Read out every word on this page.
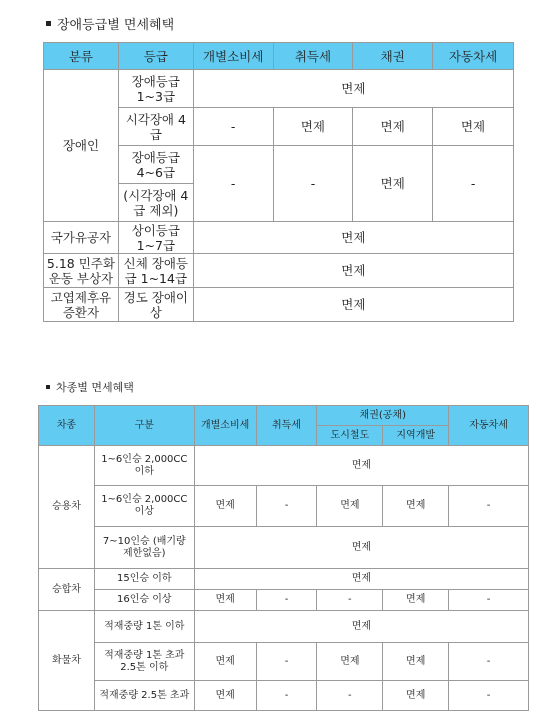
장애등급별 면세혜택
분류	등급	개별소비세	취득세	채권	자동차세
장애인	장애등급 1~3급	면제			
	시각장애 4급	-	면제	면제	면제
	장애등급 4~6급	-	-	면제	-
	(시각장애 4급 제외)				
국가유공자	상이등급 1~7급	면제			
5.18 민주화운동 부상자	신체 장애등급 1~14급	면제			
고엽제후유증환자	경도 장애이상	면제			
차종별 면세혜택
차종	구분	개별소비세	취득세	채권(공채)		자동차세
				도시철도	지역개발	
승용차	1~6인승 2,000CC 이하	면제				
	1~6인승 2,000CC 이상	면제	-	면제	면제	-
	7~10인승 (배기량 제한없음)	면제				
승합차	15인승 이하	면제				
	16인승 이상	면제	-	-	면제	-
화물차	적재중량 1톤 이하	면제				
	적재중량 1톤 초과 2.5톤 이하	면제	-	면제	면제	-
	적재중량 2.5톤 초과	면제	-	-	면제	-
